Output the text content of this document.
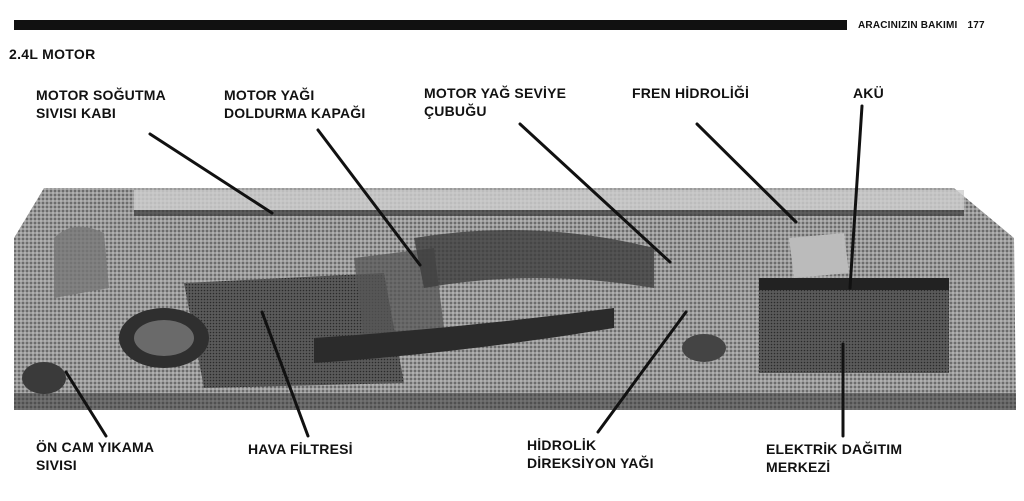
ARACINIZIN BAKIMI 177
2.4L MOTOR
MOTOR SOĞUTMA
SIVISI KABI
MOTOR YAĞI
DOLDURMA KAPAĞI
MOTOR YAĞ SEVİYE
ÇUBUĞU
FREN HİDROLİĞİ	AKÜ
ÖN CAM YIKAMA
SIVISI
HAVA FİLTRESİ	HİDROLİK
DİREKSİYON YAĞI
ELEKTRİK DAĞITIM
MERKEZİ
